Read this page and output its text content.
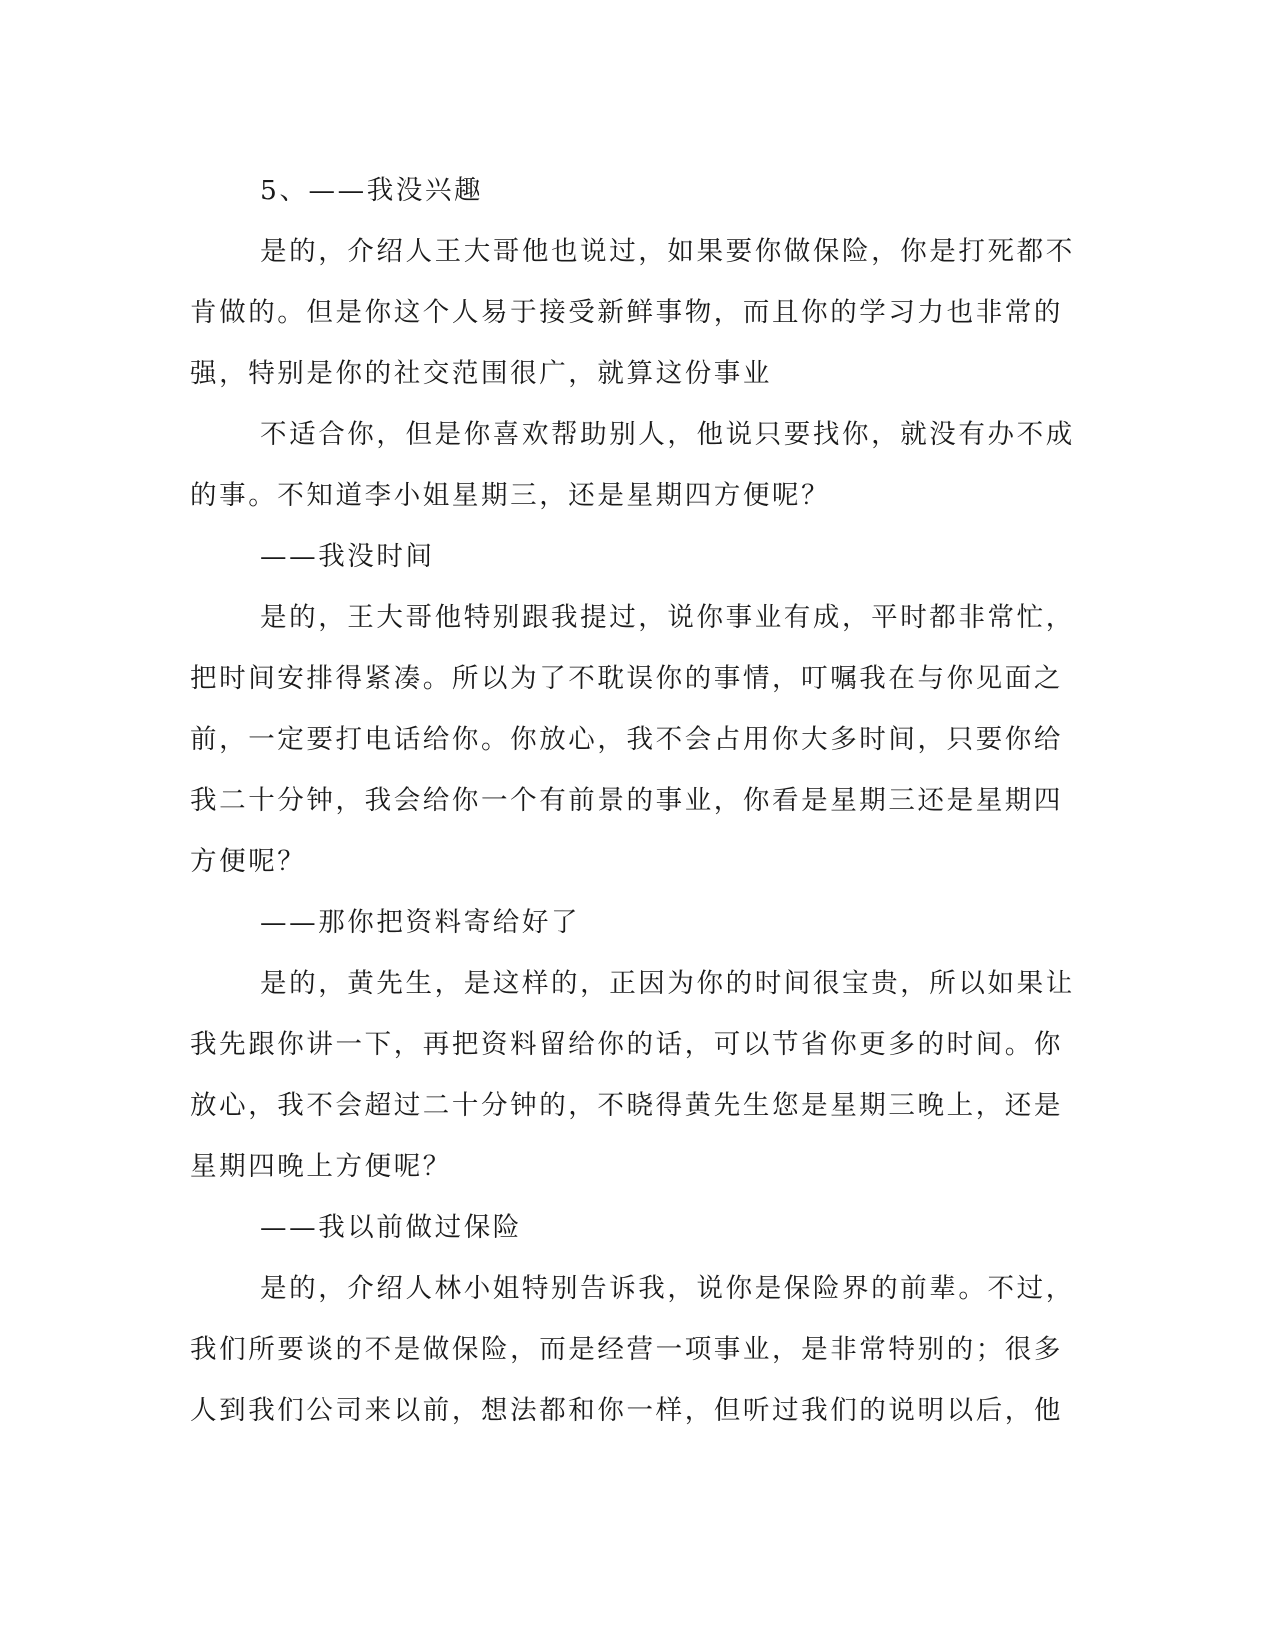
5、——我没兴趣

是的，介绍人王大哥他也说过，如果要你做保险，你是打死都不肯做的。但是你这个人易于接受新鲜事物，而且你的学习力也非常的强，特别是你的社交范围很广，就算这份事业

不适合你，但是你喜欢帮助别人，他说只要找你，就没有办不成的事。不知道李小姐星期三，还是星期四方便呢？

——我没时间

是的，王大哥他特别跟我提过，说你事业有成，平时都非常忙，把时间安排得紧凑。所以为了不耽误你的事情，叮嘱我在与你见面之前，一定要打电话给你。你放心，我不会占用你大多时间，只要你给我二十分钟，我会给你一个有前景的事业，你看是星期三还是星期四方便呢？

——那你把资料寄给好了

是的，黄先生，是这样的，正因为你的时间很宝贵，所以如果让我先跟你讲一下，再把资料留给你的话，可以节省你更多的时间。你放心，我不会超过二十分钟的，不晓得黄先生您是星期三晚上，还是星期四晚上方便呢？

——我以前做过保险

是的，介绍人林小姐特别告诉我，说你是保险界的前辈。不过，我们所要谈的不是做保险，而是经营一项事业，是非常特别的；很多人到我们公司来以前，想法都和你一样，但听过我们的说明以后，他
